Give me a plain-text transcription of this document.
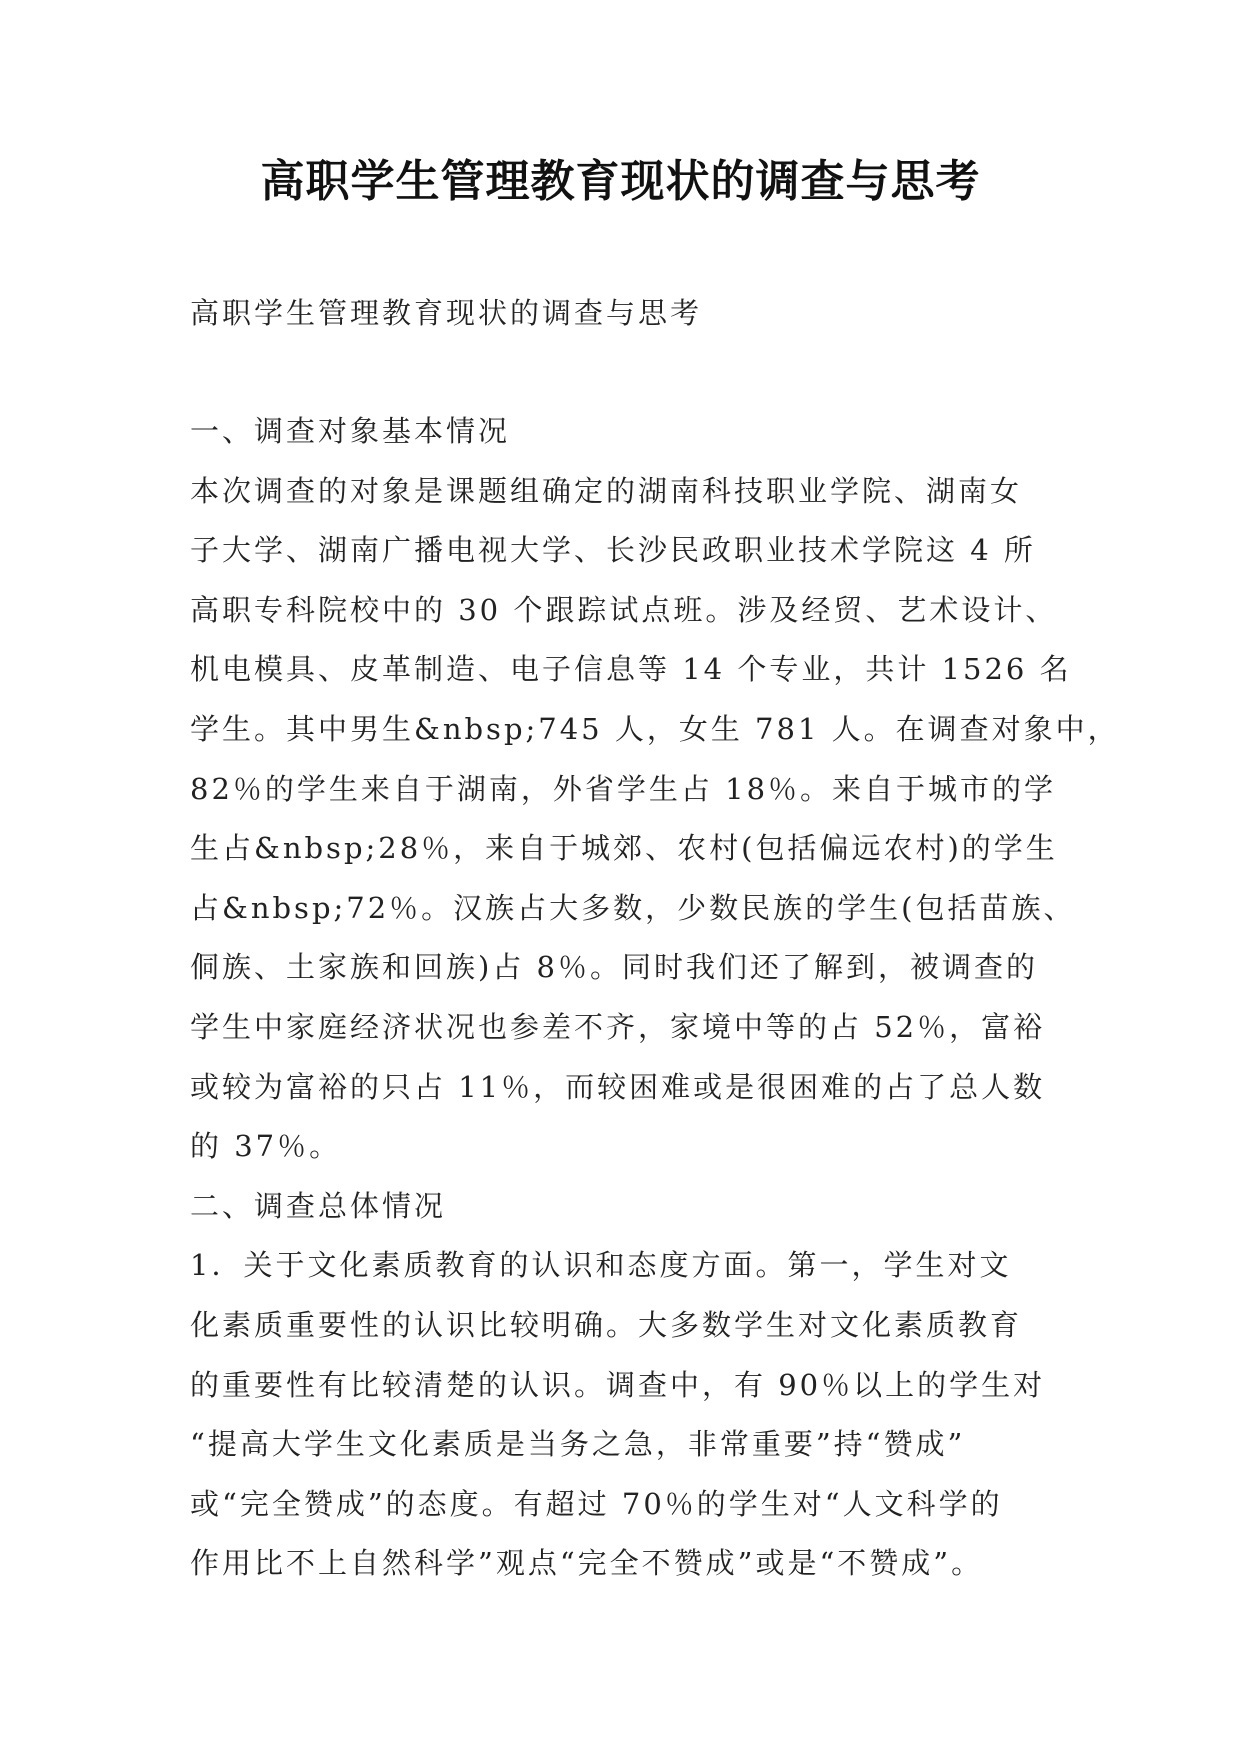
高职学生管理教育现状的调查与思考
高职学生管理教育现状的调查与思考
一、调查对象基本情况
本次调查的对象是课题组确定的湖南科技职业学院、湖南女
子大学、湖南广播电视大学、长沙民政职业技术学院这 4 所
高职专科院校中的 30 个跟踪试点班。涉及经贸、艺术设计、
机电模具、皮革制造、电子信息等 14 个专业，共计 1526 名
学生。其中男生&nbsp;745 人，女生 781 人。在调查对象中，
82％的学生来自于湖南，外省学生占 18％。来自于城市的学
生占&nbsp;28％，来自于城郊、农村(包括偏远农村)的学生
占&nbsp;72％。汉族占大多数，少数民族的学生(包括苗族、
侗族、土家族和回族)占 8％。同时我们还了解到，被调查的
学生中家庭经济状况也参差不齐，家境中等的占 52％，富裕
或较为富裕的只占 11％，而较困难或是很困难的占了总人数
的 37％。
二、调查总体情况
1．关于文化素质教育的认识和态度方面。第一，学生对文
化素质重要性的认识比较明确。大多数学生对文化素质教育
的重要性有比较清楚的认识。调查中，有 90％以上的学生对
“提高大学生文化素质是当务之急，非常重要”持“赞成”
或“完全赞成”的态度。有超过 70％的学生对“人文科学的
作用比不上自然科学”观点“完全不赞成”或是“不赞成”。
